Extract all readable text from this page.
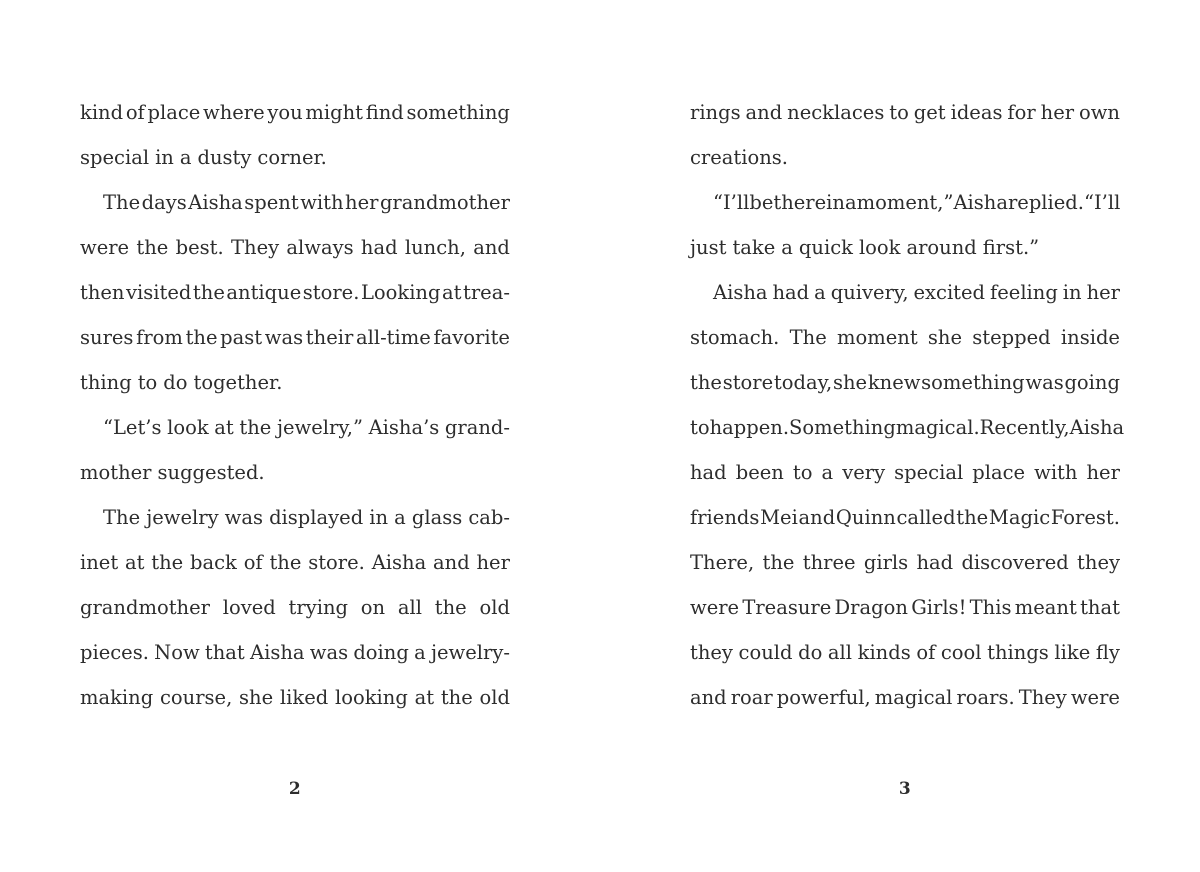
kind of place where you might find something
special in a dusty corner.
The days Aisha spent with her grandmother
were the best. They always had lunch, and
then visited the antique store. Looking at trea-
sures from the past was their all-time favorite
thing to do together.
“Let’s look at the jewelry,” Aisha’s grand-
mother suggested.
The jewelry was displayed in a glass cab-
inet at the back of the store. Aisha and her
grandmother loved trying on all the old
pieces. Now that Aisha was doing a jewelry-
making course, she liked looking at the old
rings and necklaces to get ideas for her own
creations.
“I’ll be there in a moment,” Aisha replied. “I’ll
just take a quick look around first.”
Aisha had a quivery, excited feeling in her
stomach. The moment she stepped inside
the store today, she knew something was going
to happen. Something magical. Recently, Aisha
had been to a very special place with her
friends Mei and Quinn called the Magic Forest.
There, the three girls had discovered they
were Treasure Dragon Girls! This meant that
they could do all kinds of cool things like fly
and roar powerful, magical roars. They were
2	3
